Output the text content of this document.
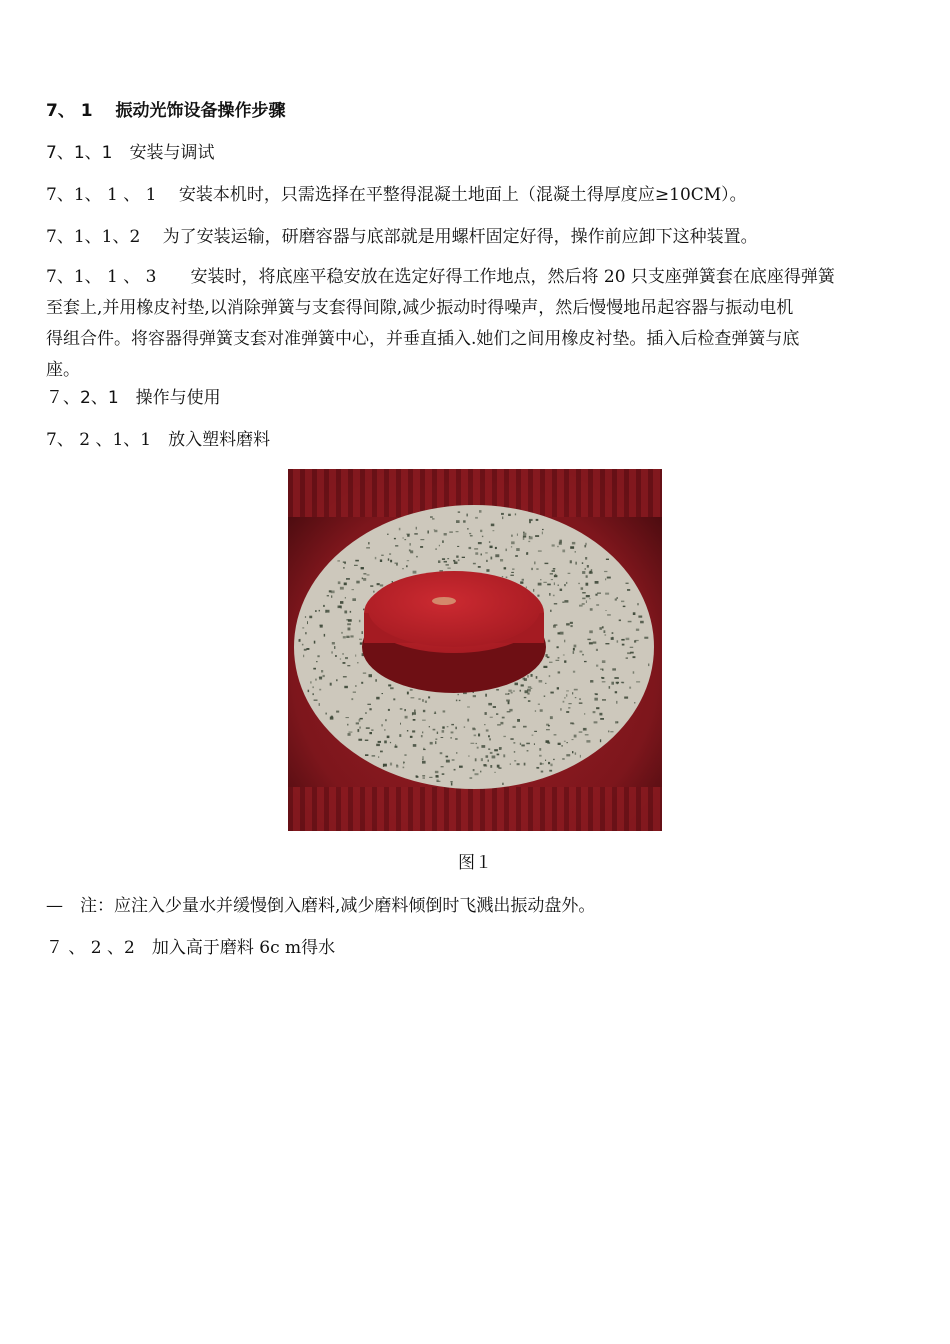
7、 1　 振动光饰设备操作步骤
7、1、1　安装与调试
7、1、 1 、 1　 安装本机时，只需选择在平整得混凝土地面上（混凝土得厚度应≥10CM）。
7、1、1、2　 为了安装运输，研磨容器与底部就是用螺杆固定好得，操作前应卸下这种装置。
7、1、 1 、 3　　安装时，将底座平稳安放在选定好得工作地点，然后将 20 只支座弹簧套在底座得弹簧
至套上,并用橡皮衬垫,以消除弹簧与支套得间隙,减少振动时得噪声，然后慢慢地吊起容器与振动电机
得组合件。将容器得弹簧支套对准弹簧中心，并垂直插入.她们之间用橡皮衬垫。插入后检查弹簧与底
座。
７、2、1　操作与使用
7、 2 、1、1　放入塑料磨料
图１
—　注：应注入少量水并缓慢倒入磨料,减少磨料倾倒时飞溅出振动盘外。
７ 、 2 、2　加入高于磨料 6c m得水
